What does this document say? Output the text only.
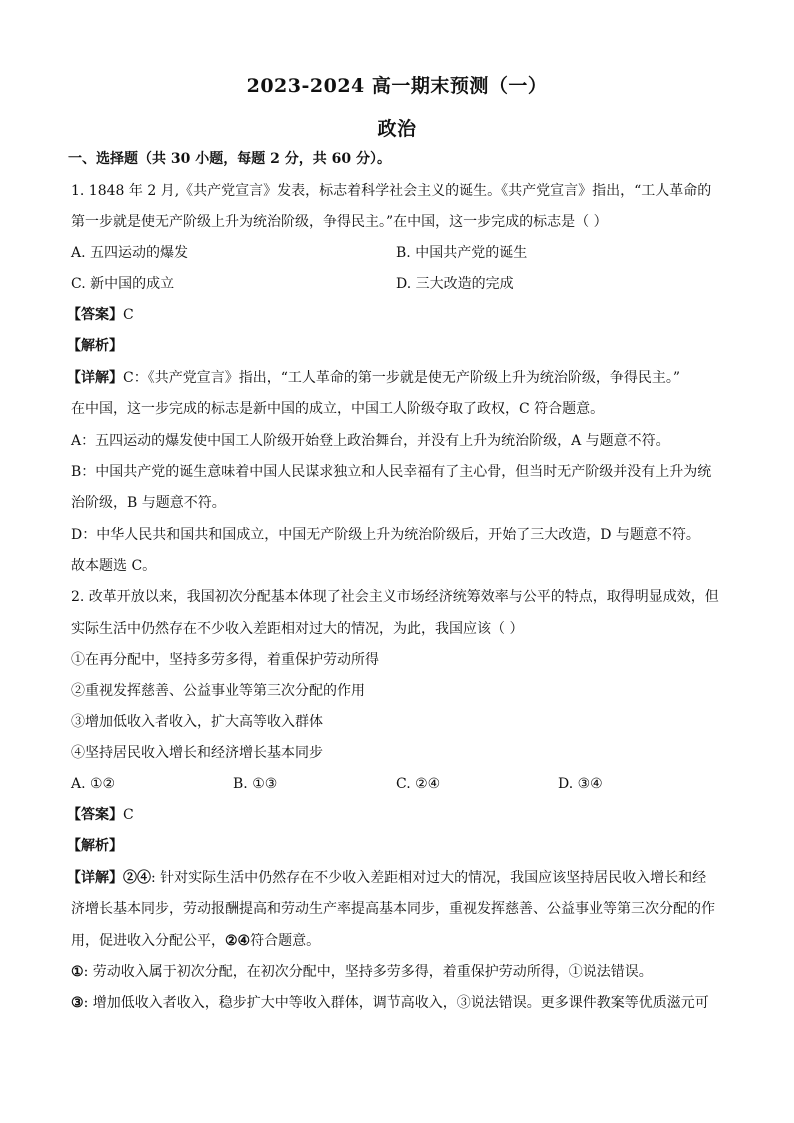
2023-2024 高一期末预测（一）
政治
一、选择题（共 30 小题，每题 2 分，共 60 分）。
1. 1848 年 2 月,《共产党宣言》发表，标志着科学社会主义的诞生。《共产党宣言》指出，“工人革命的
第一步就是使无产阶级上升为统治阶级，争得民主。”在中国，这一步完成的标志是（ ）
A. 五四运动的爆发	B. 中国共产党的诞生
C. 新中国的成立	D. 三大改造的完成
【答案】C
【解析】
【详解】C：《共产党宣言》指出，“工人革命的第一步就是使无产阶级上升为统治阶级，争得民主。”
在中国，这一步完成的标志是新中国的成立，中国工人阶级夺取了政权，C 符合题意。
A：五四运动的爆发使中国工人阶级开始登上政治舞台，并没有上升为统治阶级，A 与题意不符。
B：中国共产党的诞生意味着中国人民谋求独立和人民幸福有了主心骨，但当时无产阶级并没有上升为统
治阶级，B 与题意不符。
D：中华人民共和国共和国成立，中国无产阶级上升为统治阶级后，开始了三大改造，D 与题意不符。
故本题选 C。
2. 改革开放以来，我国初次分配基本体现了社会主义市场经济统筹效率与公平的特点，取得明显成效，但
实际生活中仍然存在不少收入差距相对过大的情况，为此，我国应该（ ）
①在再分配中，坚持多劳多得，着重保护劳动所得
②重视发挥慈善、公益事业等第三次分配的作用
③增加低收入者收入，扩大高等收入群体
④坚持居民收入增长和经济增长基本同步
A. ①②	B. ①③	C. ②④	D. ③④
【答案】C
【解析】
【详解】②④: 针对实际生活中仍然存在不少收入差距相对过大的情况，我国应该坚持居民收入增长和经
济增长基本同步，劳动报酬提高和劳动生产率提高基本同步，重视发挥慈善、公益事业等第三次分配的作
用，促进收入分配公平，②④符合题意。
①: 劳动收入属于初次分配，在初次分配中，坚持多劳多得，着重保护劳动所得，①说法错误。
③: 增加低收入者收入，稳步扩大中等收入群体，调节高收入，③说法错误。更多课件教案等优质滋元可
